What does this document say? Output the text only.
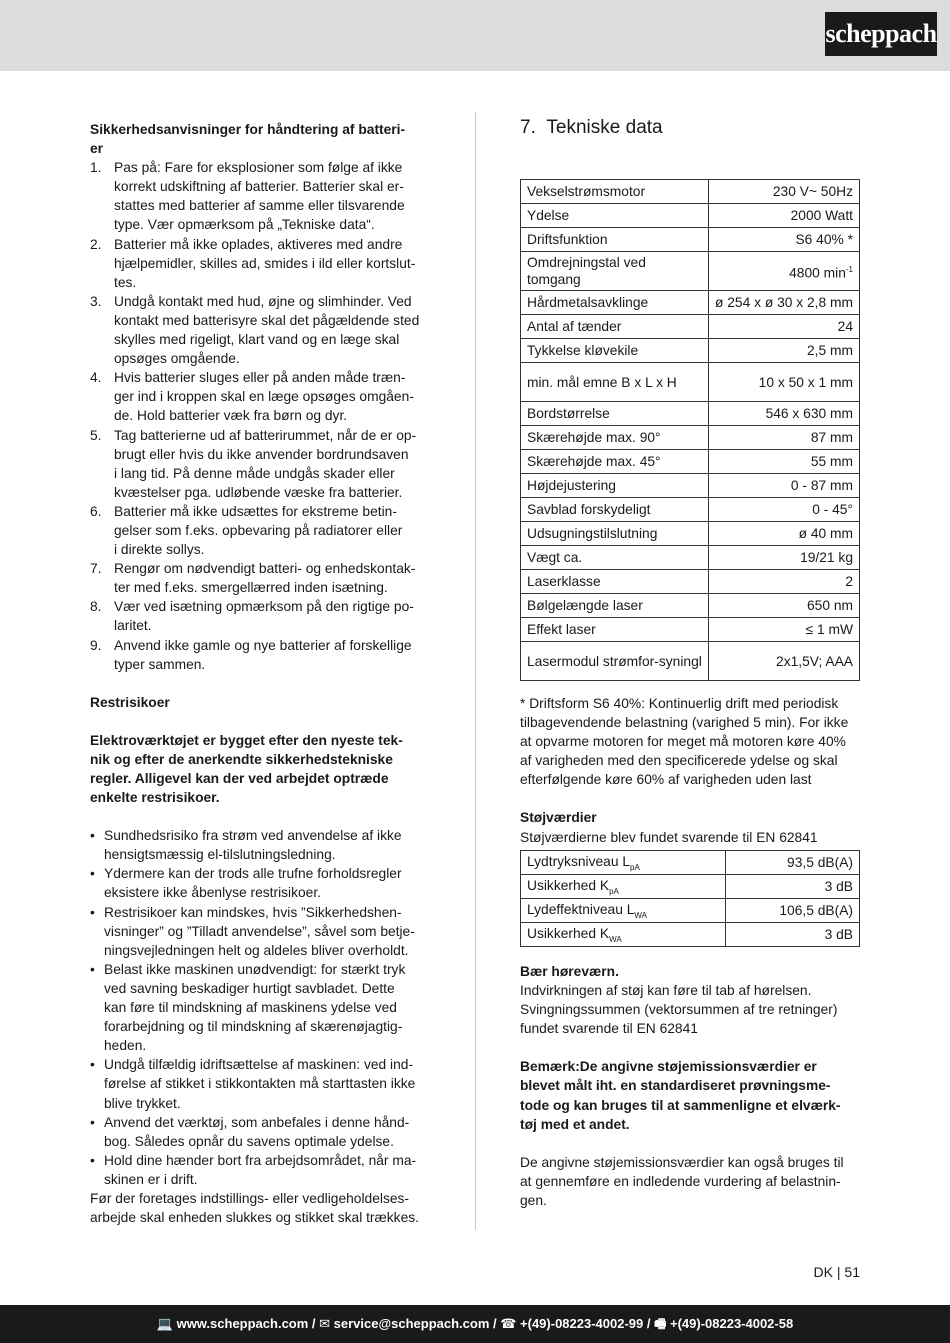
scheppach

Sikkerhedsanvisninger for håndtering af batteri-
er

1. Pas på: Fare for eksplosioner som følge af ikke
korrekt udskiftning af batterier. Batterier skal er-
stattes med batterier af samme eller tilsvarende
type. Vær opmærksom på „Tekniske data“.
2. Batterier må ikke oplades, aktiveres med andre
hjælpemidler, skilles ad, smides i ild eller kortslut-
tes.
3. Undgå kontakt med hud, øjne og slimhinder. Ved
kontakt med batterisyre skal det pågældende sted
skylles med rigeligt, klart vand og en læge skal
opsøges omgående.
4. Hvis batterier sluges eller på anden måde træn-
ger ind i kroppen skal en læge opsøges omgåen-
de. Hold batterier væk fra børn og dyr.
5. Tag batterierne ud af batterirummet, når de er op-
brugt eller hvis du ikke anvender bordrundsaven
i lang tid. På denne måde undgås skader eller
kvæstelser pga. udløbende væske fra batterier.
6. Batterier må ikke udsættes for ekstreme betin-
gelser som f.eks. opbevaring på radiatorer eller
i direkte sollys.
7. Rengør om nødvendigt batteri- og enhedskontak-
ter med f.eks. smergellærred inden isætning.
8. Vær ved isætning opmærksom på den rigtige po-
laritet.
9. Anvend ikke gamle og nye batterier af forskellige
typer sammen.

Restrisikoer

Elektroværktøjet er bygget efter den nyeste tek-
nik og efter de anerkendte sikkerhedstekniske
regler. Alligevel kan der ved arbejdet optræde
enkelte restrisikoer.

• Sundhedsrisiko fra strøm ved anvendelse af ikke
hensigtsmæssig el-tilslutningsledning.
• Ydermere kan der trods alle trufne forholdsregler
eksistere ikke åbenlyse restrisikoer.
• Restrisikoer kan mindskes, hvis ”Sikkerhedshen-
visninger” og ”Tilladt anvendelse”, såvel som betje-
ningsvejledningen helt og aldeles bliver overholdt.
• Belast ikke maskinen unødvendigt: for stærkt tryk
ved savning beskadiger hurtigt savbladet. Dette
kan føre til mindskning af maskinens ydelse ved
forarbejdning og til mindskning af skærenøjagtig-
heden.
• Undgå tilfældig idriftsættelse af maskinen: ved ind-
førelse af stikket i stikkontakten må starttasten ikke
blive trykket.
• Anvend det værktøj, som anbefales i denne hånd-
bog. Således opnår du savens optimale ydelse.
• Hold dine hænder bort fra arbejdsområdet, når ma-
skinen er i drift.

Før der foretages indstillings- eller vedligeholdelses-
arbejde skal enheden slukkes og stikket skal trækkes.

7. Tekniske data
Vekselstrømsmotor	230 V~ 50Hz
Ydelse	2000 Watt
Driftsfunktion	S6 40% *
Omdrejningstal ved tomgang	4800 $\min^{-1}$
Hårdmetalsavklinge	ø 254 x ø 30 x 2,8 mm
Antal af tænder	24
Tykkelse kløvekile	2,5 mm
min. mål emne B x L x H	10 x 50 x 1 mm
Bordstørrelse	546 x 630 mm
Skærehøjde max. 90°	87 mm
Skærehøjde max. 45°	55 mm
Højdejustering	0 - 87 mm
Savblad forskydeligt	0 - 45°
Udsugningstilslutning	ø 40 mm
Vægt ca.	19/21 kg
Laserklasse	2
Bølgelængde laser	650 nm
Effekt laser	≤ 1 mW
Lasermodul strømfor-syningl	2x1,5V; AAA

* Driftsform S6 40%: Kontinuerlig drift med periodisk
tilbagevendende belastning (varighed 5 min). For ikke
at opvarme motoren for meget må motoren køre 40%
af varigheden med den specificerede ydelse og skal
efterfølgende køre 60% af varigheden uden last

Støjværdier

Støjværdierne blev fundet svarende til EN 62841

Lydtryksniveau $L_{pA}$	93,5 dB(A)
Usikkerhed $K_{pA}$	3 dB
Lydeffektniveau $L_{WA}$	106,5 dB(A)
Usikkerhed $K_{WA}$	3 dB

Bær høreværn.

Indvirkningen af støj kan føre til tab af hørelsen.
Svingningssummen (vektorsummen af tre retninger)
fundet svarende til EN 62841

Bemærk:De angivne støjemissionsværdier er
blevet målt iht. en standardiseret prøvningsme-
tode og kan bruges til at sammenligne et elværk-
tøj med et andet.

De angivne støjemissionsværdier kan også bruges til
at gennemføre en indledende vurdering af belastnin-
gen.

DK | 51
💻 www.scheppach.com / ✉ service@scheppach.com / ☎ +(49)-08223-4002-99 / 🖷 +(49)-08223-4002-58
